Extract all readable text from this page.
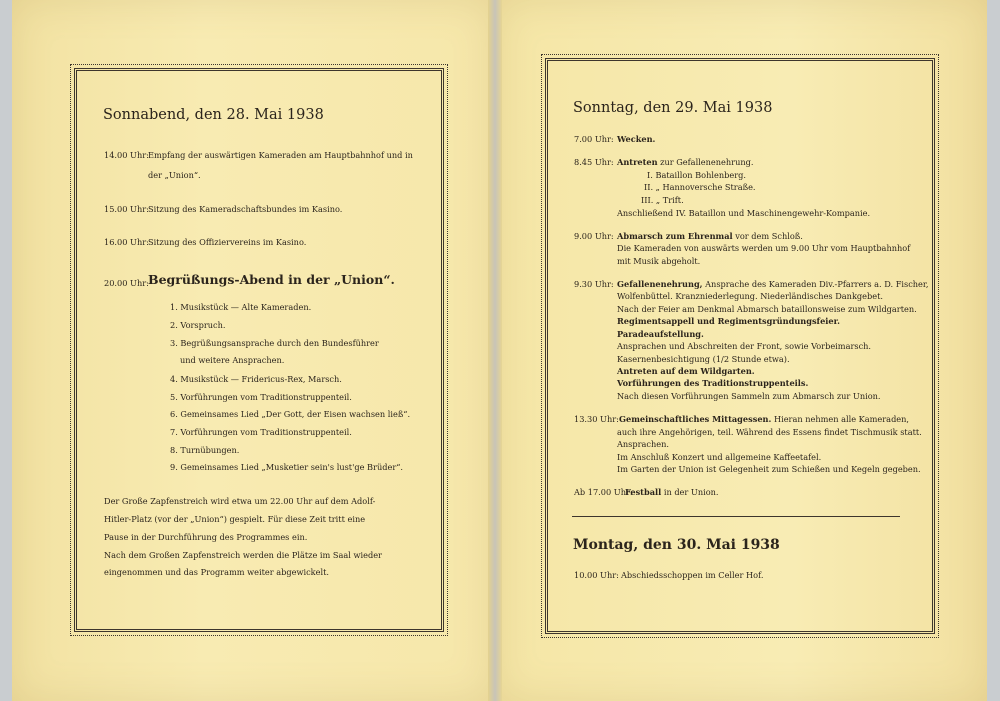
Sonnabend, den 28. Mai 1938
14.00 Uhr: Empfang der auswärtigen Kameraden am Hauptbahnhof und in
der „Union“.
15.00 Uhr: Sitzung des Kameradschaftsbundes im Kasino.
16.00 Uhr: Sitzung des Offiziervereins im Kasino.
20.00 Uhr: Begrüßungs-Abend in der „Union“.
1. Musikstück — Alte Kameraden.
2. Vorspruch.
3. Begrüßungsansprache durch den Bundesführer
und weitere Ansprachen.
4. Musikstück — Fridericus-Rex, Marsch.
5. Vorführungen vom Traditionstruppenteil.
6. Gemeinsames Lied „Der Gott, der Eisen wachsen ließ“.
7. Vorführungen vom Traditionstruppenteil.
8. Turnübungen.
9. Gemeinsames Lied „Musketier sein's lust'ge Brüder“.
Der Große Zapfenstreich wird etwa um 22.00 Uhr auf dem Adolf-
Hitler-Platz (vor der „Union“) gespielt. Für diese Zeit tritt eine
Pause in der Durchführung des Programmes ein.
Nach dem Großen Zapfenstreich werden die Plätze im Saal wieder
eingenommen und das Programm weiter abgewickelt.
Sonntag, den 29. Mai 1938
7.00 Uhr: Wecken.
8.45 Uhr: Antreten zur Gefallenenehrung.
I. Bataillon Bohlenberg.
II. „ Hannoversche Straße.
III. „ Trift.
Anschließend IV. Bataillon und Maschinengewehr-Kompanie.
9.00 Uhr: Abmarsch zum Ehrenmal vor dem Schloß.
Die Kameraden von auswärts werden um 9.00 Uhr vom Hauptbahnhof
mit Musik abgeholt.
9.30 Uhr: Gefallenenehrung, Ansprache des Kameraden Div.-Pfarrers a. D. Fischer,
Wolfenbüttel. Kranzniederlegung. Niederländisches Dankgebet.
Nach der Feier am Denkmal Abmarsch bataillonsweise zum Wildgarten.
Regimentsappell und Regimentsgründungsfeier.
Paradeaufstellung.
Ansprachen und Abschreiten der Front, sowie Vorbeimarsch.
Kasernenbesichtigung (1/2 Stunde etwa).
Antreten auf dem Wildgarten.
Vorführungen des Traditionstruppenteils.
Nach diesen Vorführungen Sammeln zum Abmarsch zur Union.
13.30 Uhr: Gemeinschaftliches Mittagessen. Hieran nehmen alle Kameraden,
auch ihre Angehörigen, teil. Während des Essens findet Tischmusik statt.
Ansprachen.
Im Anschluß Konzert und allgemeine Kaffeetafel.
Im Garten der Union ist Gelegenheit zum Schießen und Kegeln gegeben.
Ab 17.00 Uhr:
Festball in der Union.
Montag, den 30. Mai 1938
10.00 Uhr: Abschiedsschoppen im Celler Hof.
